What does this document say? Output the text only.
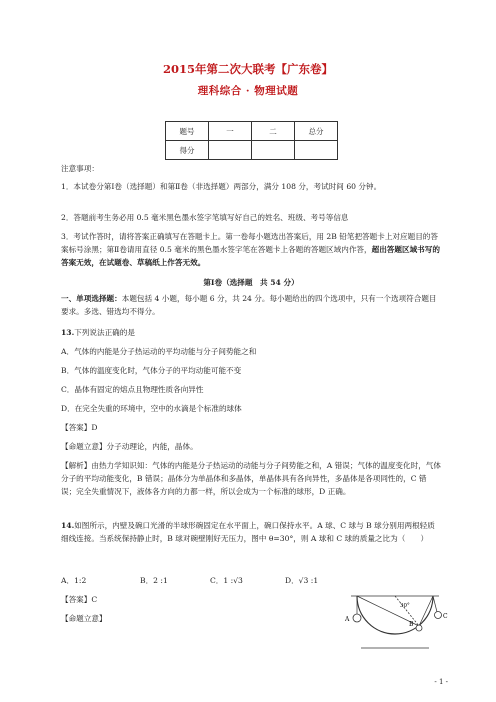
2015年第二次大联考【广东卷】
理科综合 · 物理试题
题号	一	二	总分
得分			
注意事项：
1．本试卷分第Ⅰ卷（选择题）和第Ⅱ卷（非选择题）两部分，满分 108 分，考试时间 60 分钟。
2．答题前考生务必用 0.5 毫米黑色墨水签字笔填写好自己的姓名、班级、考号等信息
3．考试作答时，请将答案正确填写在答题卡上。第一卷每小题选出答案后，用 2B 铅笔把答题卡上对应题目的答案标号涂黑；第Ⅱ卷请用直径 0.5 毫米的黑色墨水签字笔在答题卡上各题的答题区域内作答，超出答题区域书写的答案无效，在试题卷、草稿纸上作答无效。
第Ⅰ卷（选择题　共 54 分）
一、单项选择题：本题包括 4 小题，每小题 6 分，共 24 分。每小题给出的四个选项中，只有一个选项符合题目要求。多选、错选均不得分。
13.下列说法正确的是
A．气体的内能是分子热运动的平均动能与分子间势能之和
B．气体的温度变化时，气体分子的平均动能可能不变
C．晶体有固定的熔点且物理性质各向异性
D．在完全失重的环境中，空中的水滴是个标准的球体
【答案】D
【命题立意】分子动理论，内能，晶体。
【解析】由热力学知识知：气体的内能是分子热运动的动能与分子间势能之和，A 错误；气体的温度变化时，气体分子的平均动能变化，B 错误；晶体分为单晶体和多晶体，单晶体具有各向异性，多晶体是各项同性的，C 错误；完全失重情况下，液体各方向的力都一样，所以会成为一个标准的球形，D 正确。
14.如图所示，内壁及碗口光滑的半球形碗固定在水平面上，碗口保持水平。A 球、C 球与 B 球分别用两根轻质细线连接。当系统保持静止时，B 球对碗壁刚好无压力，图中 θ=30°，则 A 球和 C 球的质量之比为（　　）
A．1:2	B．2 :1	C．1 :√3	D．√3 :1
【答案】C
【命题立意】	A
B
C
30°
- 1 -
